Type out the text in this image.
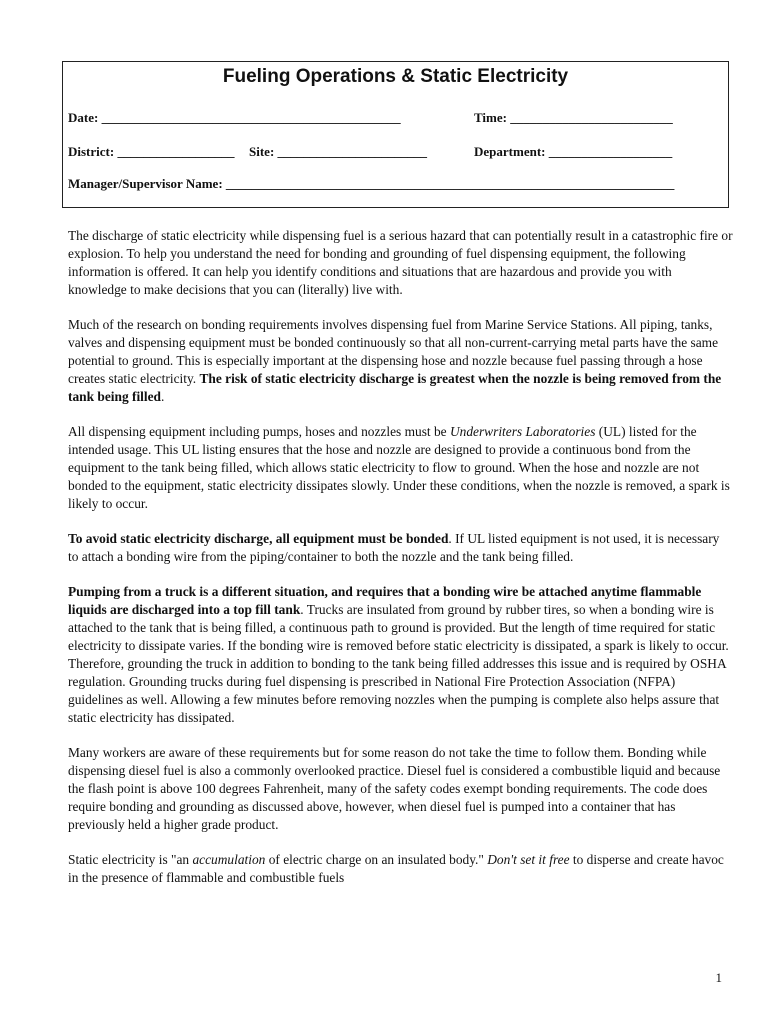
Fueling Operations & Static Electricity
Date: ______________________________________________	Time: _________________________
District: __________________ Site: _______________________	Department: ___________________
Manager/Supervisor Name: _____________________________________________________________________

The discharge of static electricity while dispensing fuel is a serious hazard that can potentially result in a catastrophic fire or explosion. To help you understand the need for bonding and grounding of fuel dispensing equipment, the following information is offered. It can help you identify conditions and situations that are hazardous and provide you with knowledge to make decisions that you can (literally) live with.

Much of the research on bonding requirements involves dispensing fuel from Marine Service Stations. All piping, tanks, valves and dispensing equipment must be bonded continuously so that all non-current-carrying metal parts have the same potential to ground. This is especially important at the dispensing hose and nozzle because fuel passing through a hose creates static electricity. The risk of static electricity discharge is greatest when the nozzle is being removed from the tank being filled.

All dispensing equipment including pumps, hoses and nozzles must be Underwriters Laboratories (UL) listed for the intended usage. This UL listing ensures that the hose and nozzle are designed to provide a continuous bond from the equipment to the tank being filled, which allows static electricity to flow to ground. When the hose and nozzle are not bonded to the equipment, static electricity dissipates slowly. Under these conditions, when the nozzle is removed, a spark is likely to occur.

To avoid static electricity discharge, all equipment must be bonded. If UL listed equipment is not used, it is necessary to attach a bonding wire from the piping/container to both the nozzle and the tank being filled.

Pumping from a truck is a different situation, and requires that a bonding wire be attached anytime flammable liquids are discharged into a top fill tank. Trucks are insulated from ground by rubber tires, so when a bonding wire is attached to the tank that is being filled, a continuous path to ground is provided. But the length of time required for static electricity to dissipate varies. If the bonding wire is removed before static electricity is dissipated, a spark is likely to occur. Therefore, grounding the truck in addition to bonding to the tank being filled addresses this issue and is required by OSHA regulation. Grounding trucks during fuel dispensing is prescribed in National Fire Protection Association (NFPA) guidelines as well. Allowing a few minutes before removing nozzles when the pumping is complete also helps assure that static electricity has dissipated.

Many workers are aware of these requirements but for some reason do not take the time to follow them. Bonding while dispensing diesel fuel is also a commonly overlooked practice. Diesel fuel is considered a combustible liquid and because the flash point is above 100 degrees Fahrenheit, many of the safety codes exempt bonding requirements. The code does require bonding and grounding as discussed above, however, when diesel fuel is pumped into a container that has previously held a higher grade product.

Static electricity is "an accumulation of electric charge on an insulated body." Don't set it free to disperse and create havoc in the presence of flammable and combustible fuels

1
